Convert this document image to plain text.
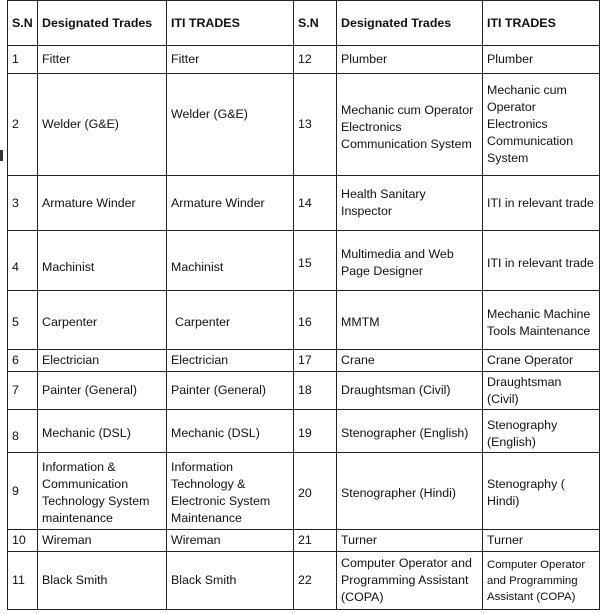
S.N	Designated Trades	ITI TRADES	S.N	Designated Trades	ITI TRADES
1	Fitter	Fitter	12	Plumber	Plumber
2	Welder (G&E)	Welder (G&E)	13	Mechanic cum Operator Electronics Communication System	Mechanic cum Operator Electronics Communication System
3	Armature Winder	Armature Winder	14	Health Sanitary Inspector	ITI in relevant trade
4	Machinist	Machinist	15	Multimedia and Web Page Designer	ITI in relevant trade
5	Carpenter	Carpenter	16	MMTM	Mechanic Machine Tools Maintenance
6	Electrician	Electrician	17	Crane	Crane Operator
7	Painter (General)	Painter (General)	18	Draughtsman (Civil)	Draughtsman (Civil)
8	Mechanic (DSL)	Mechanic (DSL)	19	Stenographer (English)	Stenography (English)
9	Information & Communication Technology System maintenance	Information Technology & Electronic System Maintenance	20	Stenographer (Hindi)	Stenography ( Hindi)
10	Wireman	Wireman	21	Turner	Turner
11	Black Smith	Black Smith	22	Computer Operator and Programming Assistant (COPA)	Computer Operator and Programming Assistant (COPA)
